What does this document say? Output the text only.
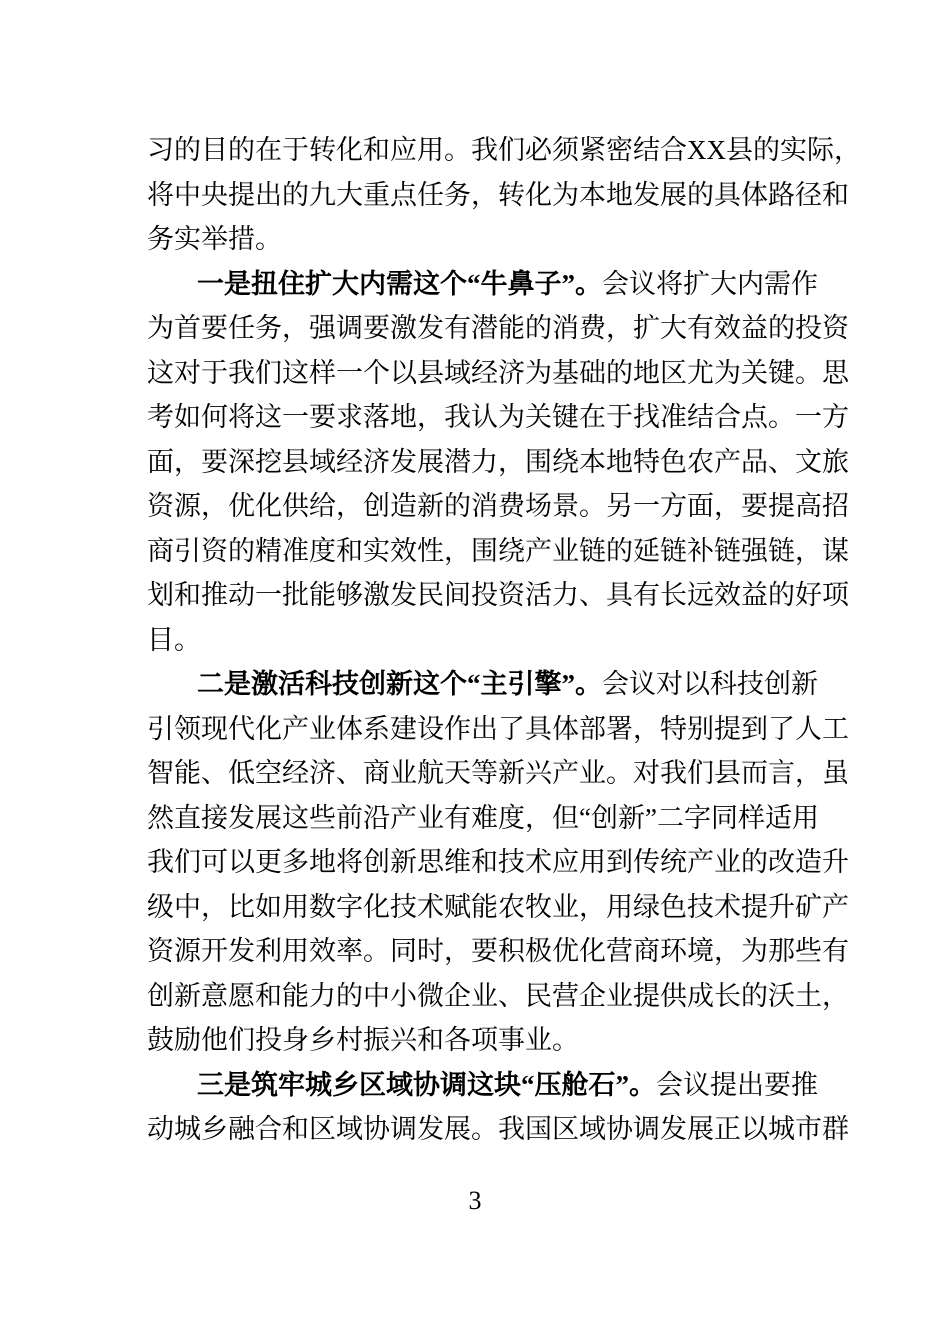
习的目的在于转化和应用。我们必须紧密结合XX县的实际，
将中央提出的九大重点任务，转化为本地发展的具体路径和
务实举措。
一是扭住扩大内需这个“牛鼻子”。会议将扩大内需作
为首要任务，强调要激发有潜能的消费，扩大有效益的投资
这对于我们这样一个以县域经济为基础的地区尤为关键。思
考如何将这一要求落地，我认为关键在于找准结合点。一方
面，要深挖县域经济发展潜力，围绕本地特色农产品、文旅
资源，优化供给，创造新的消费场景。另一方面，要提高招
商引资的精准度和实效性，围绕产业链的延链补链强链，谋
划和推动一批能够激发民间投资活力、具有长远效益的好项
目。
二是激活科技创新这个“主引擎”。会议对以科技创新
引领现代化产业体系建设作出了具体部署，特别提到了人工
智能、低空经济、商业航天等新兴产业。对我们县而言，虽
然直接发展这些前沿产业有难度，但“创新”二字同样适用
我们可以更多地将创新思维和技术应用到传统产业的改造升
级中，比如用数字化技术赋能农牧业，用绿色技术提升矿产
资源开发利用效率。同时，要积极优化营商环境，为那些有
创新意愿和能力的中小微企业、民营企业提供成长的沃土，
鼓励他们投身乡村振兴和各项事业。
三是筑牢城乡区域协调这块“压舱石”。会议提出要推
动城乡融合和区域协调发展。我国区域协调发展正以城市群
3
